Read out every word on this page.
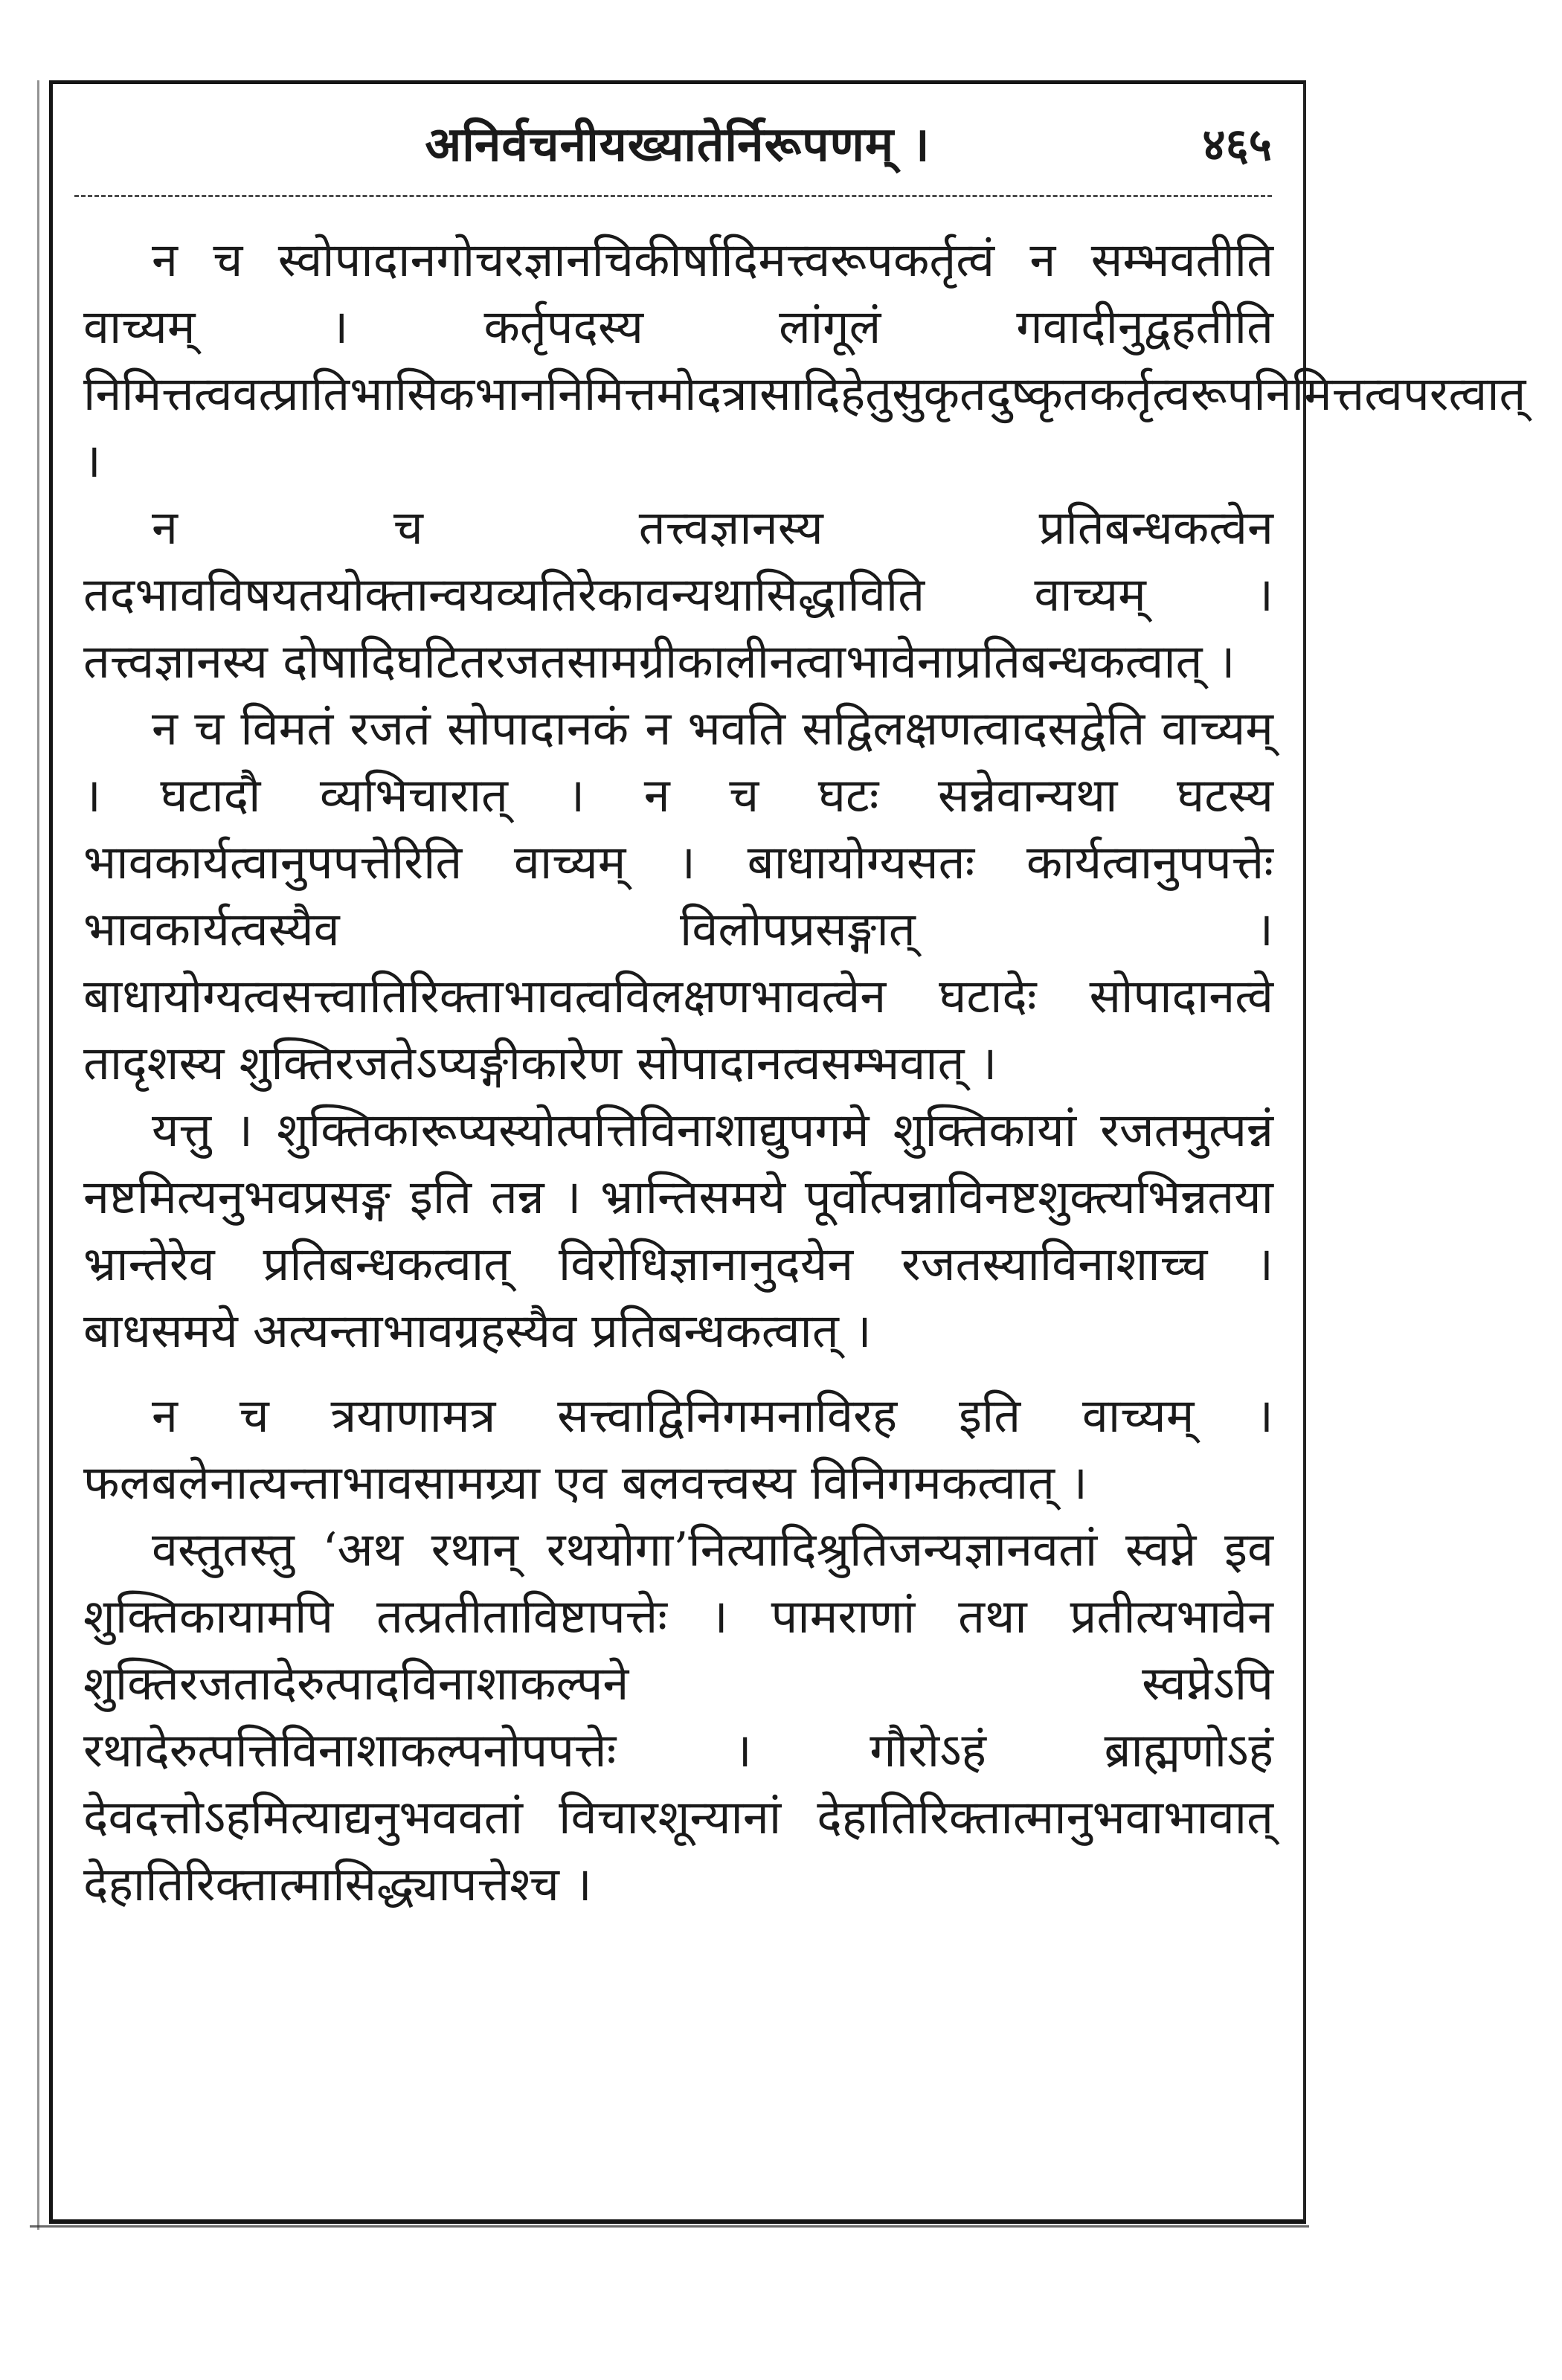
अनिर्वचनीयख्यातेर्निरूपणम् ।	४६५

न च स्वोपादानगोचरज्ञानचिकीर्षादिमत्त्वरूपकर्तृत्वं न सम्भवतीति वाच्यम् । कर्तृपदस्य लांगूलं गवादीनुद्वहतीति निमित्तत्ववत्प्रातिभासिकभाननिमित्तमोदत्रासादिहेतुसुकृतदुष्कृतकर्तृत्वरूपनिमित्तत्वपरत्वात् ।

न च तत्त्वज्ञानस्य प्रतिबन्धकत्वेन तदभावविषयतयोक्तान्वयव्यतिरेकावन्यथासिद्धाविति वाच्यम् । तत्त्वज्ञानस्य दोषादिघटितरजतसामग्रीकालीनत्वाभावेनाप्रतिबन्धकत्वात् ।

न च विमतं रजतं सोपादानकं न भवति सद्विलक्षणत्वादसद्वेति वाच्यम् । घटादौ व्यभिचारात् । न च घटः सन्नेवान्यथा घटस्य भावकार्यत्वानुपपत्तेरिति वाच्यम् । बाधायोग्यसतः कार्यत्वानुपपत्तेः भावकार्यत्वस्यैव विलोपप्रसङ्गात् । बाधायोग्यत्वसत्त्वातिरिक्ताभावत्वविलक्षणभावत्वेन घटादेः सोपादानत्वे तादृशस्य शुक्तिरजतेऽप्यङ्गीकारेण सोपादानत्वसम्भवात् ।

यत्तु । शुक्तिकारूप्यस्योत्पत्तिविनाशाद्युपगमे शुक्तिकायां रजतमुत्पन्नं नष्टमित्यनुभवप्रसङ्ग इति तन्न । भ्रान्तिसमये पूर्वोत्पन्नाविनष्टशुक्त्यभिन्नतया भ्रान्तेरेव प्रतिबन्धकत्वात् विरोधिज्ञानानुदयेन रजतस्याविनाशाच्च । बाधसमये अत्यन्ताभावग्रहस्यैव प्रतिबन्धकत्वात् ।

न च त्रयाणामत्र सत्त्वाद्विनिगमनाविरह इति वाच्यम् । फलबलेनात्यन्ताभावसामग्र्या एव बलवत्त्वस्य विनिगमकत्वात् ।

वस्तुतस्तु ‘अथ रथान् रथयोगा’नित्यादिश्रुतिजन्यज्ञानवतां स्वप्ने इव शुक्तिकायामपि तत्प्रतीताविष्टापत्तेः । पामराणां तथा प्रतीत्यभावेन शुक्तिरजतादेरुत्पादविनाशाकल्पने स्वप्नेऽपि रथादेरुत्पत्तिविनाशाकल्पनोपपत्तेः । गौरोऽहं ब्राह्मणोऽहं देवदत्तोऽहमित्याद्यनुभववतां विचारशून्यानां देहातिरिक्तात्मानुभवाभावात् देहातिरिक्तात्मासिद्ध्यापत्तेश्च ।
